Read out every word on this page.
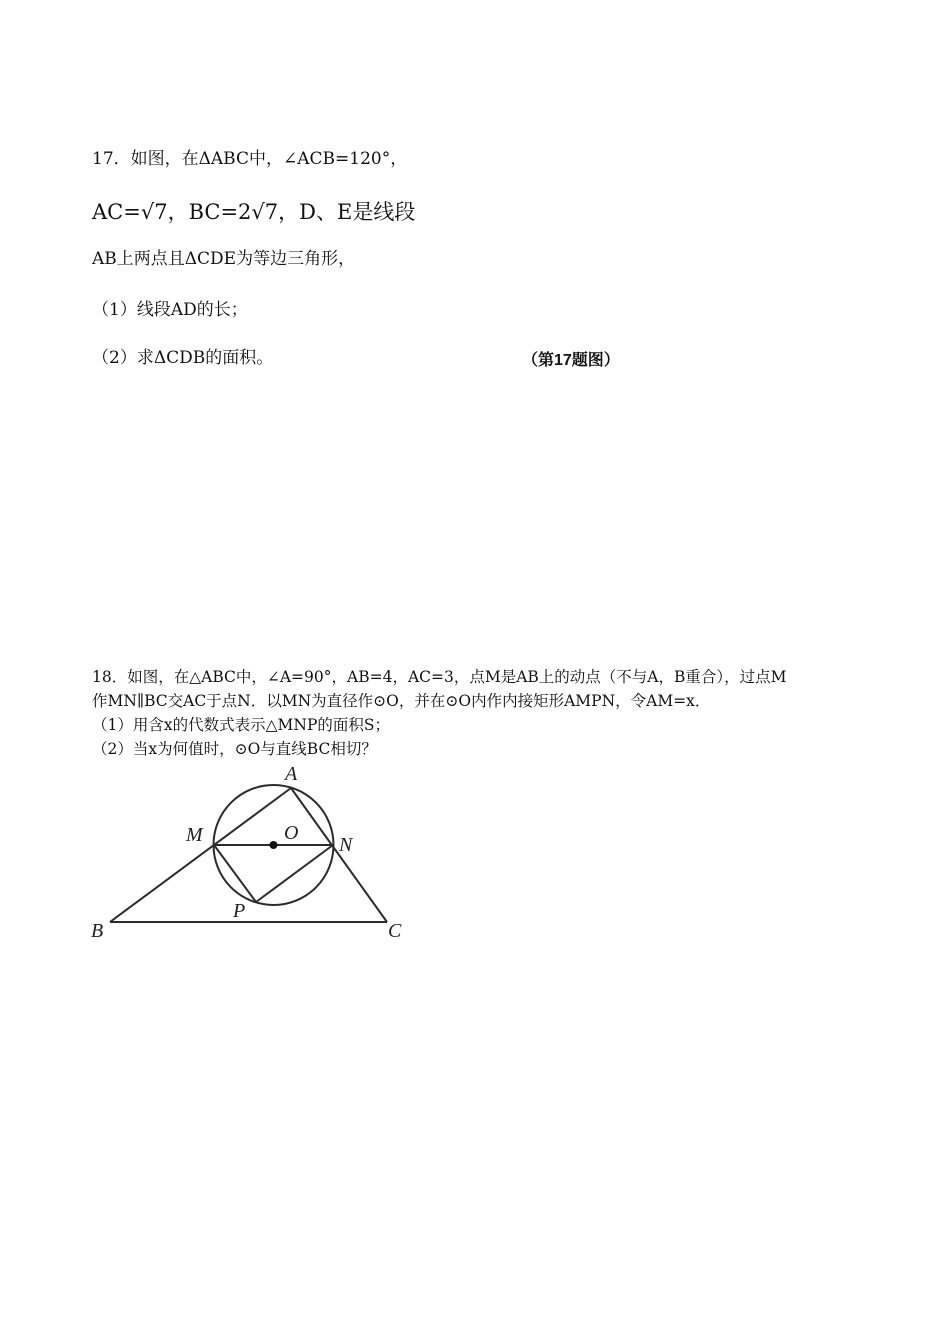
17．如图，在ΔABC中，∠ACB=120°，
AC=√7，BC=2√7，D、E是线段
AB上两点且ΔCDE为等边三角形，
（1）线段AD的长；
（2）求ΔCDB的面积。	（第17题图）
18．如图，在△ABC中，∠A=90°，AB=4，AC=3，点M是AB上的动点（不与A，B重合），过点M
作MN∥BC交AC于点N．以MN为直径作⊙O，并在⊙O内作内接矩形AMPN，令AM=x．
（1）用含x的代数式表示△MNP的面积S；
（2）当x为何值时，⊙O与直线BC相切？
A
M	O
N
P
B	C
